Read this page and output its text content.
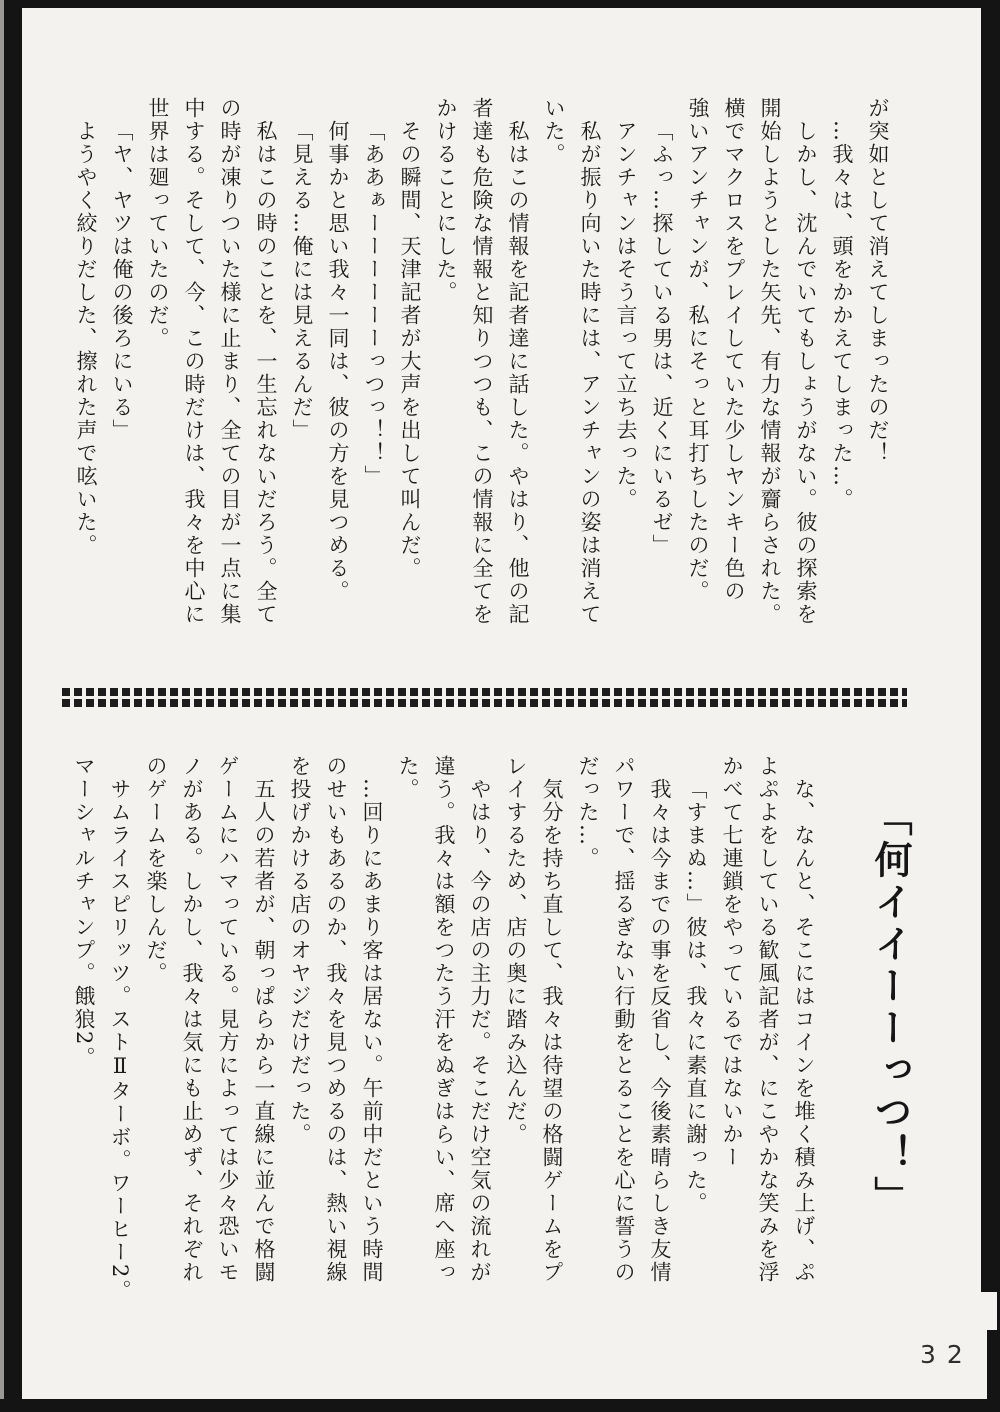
が突如として消えてしまったのだ！
…我々は、頭をかかえてしまった…。
しかし、沈んでいてもしょうがない。彼の探索を
開始しようとした矢先、有力な情報が齎らされた。
横でマクロスをプレイしていた少しヤンキー色の
強いアンチャンが、私にそっと耳打ちしたのだ。
「ふっ…探している男は、近くにいるゼ」
アンチャンはそう言って立ち去った。
私が振り向いた時には、アンチャンの姿は消えて
いた。
私はこの情報を記者達に話した。やはり、他の記
者達も危険な情報と知りつつも、この情報に全てを
かけることにした。
その瞬間、天津記者が大声を出して叫んだ。
「ああぁーーーーーーっつっ！！」
何事かと思い我々一同は、彼の方を見つめる。
「見える…俺には見えるんだ」
私はこの時のことを、一生忘れないだろう。全て
の時が凍りついた様に止まり、全ての目が一点に集
中する。そして、今、この時だけは、我々を中心に
世界は廻っていたのだ。
「ヤ、ヤツは俺の後ろにいる」
ようやく絞りだした、擦れた声で呟いた。
「何イイーーっつ！」
な、なんと、そこにはコインを堆く積み上げ、ぷ
よぷよをしている歓風記者が、にこやかな笑みを浮
かべて七連鎖をやっているではないかー
「すまぬ…」彼は、我々に素直に謝った。
我々は今までの事を反省し、今後素晴らしき友情
パワーで、揺るぎない行動をとることを心に誓うの
だった…。
気分を持ち直して、我々は待望の格闘ゲームをプ
レイするため、店の奥に踏み込んだ。
やはり、今の店の主力だ。そこだけ空気の流れが
違う。我々は額をつたう汗をぬぎはらい、席へ座っ
た。
…回りにあまり客は居ない。午前中だという時間
のせいもあるのか、我々を見つめるのは、熱い視線
を投げかける店のオヤジだけだった。
五人の若者が、朝っぱらから一直線に並んで格闘
ゲームにハマっている。見方によっては少々恐いモ
ノがある。しかし、我々は気にも止めず、それぞれ
のゲームを楽しんだ。
サムライスピリッツ。ストⅡターボ。ワーヒー2。
マーシャルチャンプ。餓狼2。
32
